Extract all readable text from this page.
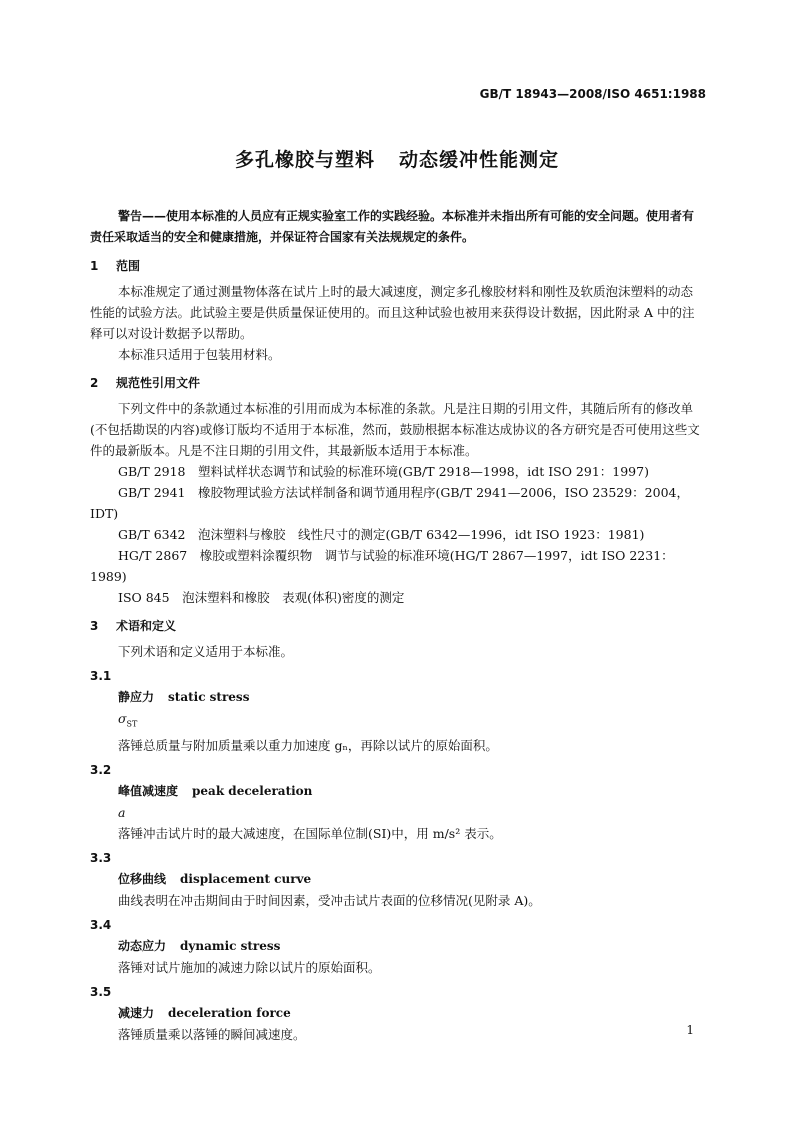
GB/T 18943—2008/ISO 4651:1988
多孔橡胶与塑料 动态缓冲性能测定

警告——使用本标准的人员应有正规实验室工作的实践经验。本标准并未指出所有可能的安全问题。使用者有责任采取适当的安全和健康措施，并保证符合国家有关法规规定的条件。

1 范围

本标准规定了通过测量物体落在试片上时的最大减速度，测定多孔橡胶材料和刚性及软质泡沫塑料的动态性能的试验方法。此试验主要是供质量保证使用的。而且这种试验也被用来获得设计数据，因此附录 A 中的注释可以对设计数据予以帮助。

本标准只适用于包装用材料。

2 规范性引用文件

下列文件中的条款通过本标准的引用而成为本标准的条款。凡是注日期的引用文件，其随后所有的修改单(不包括勘误的内容)或修订版均不适用于本标准，然而，鼓励根据本标准达成协议的各方研究是否可使用这些文件的最新版本。凡是不注日期的引用文件，其最新版本适用于本标准。

GB/T 2918　塑料试样状态调节和试验的标准环境(GB/T 2918—1998，idt ISO 291：1997)

GB/T 2941　橡胶物理试验方法试样制备和调节通用程序(GB/T 2941—2006，ISO 23529：2004，IDT)

GB/T 6342　泡沫塑料与橡胶　线性尺寸的测定(GB/T 6342—1996，idt ISO 1923：1981)

HG/T 2867　橡胶或塑料涂覆织物　调节与试验的标准环境(HG/T 2867—1997，idt ISO 2231：1989)

ISO 845　泡沫塑料和橡胶　表观(体积)密度的测定

3 术语和定义

下列术语和定义适用于本标准。

3.1
静应力 static stress
$\sigma_{ST}$
落锤总质量与附加质量乘以重力加速度 gₙ，再除以试片的原始面积。
3.2
峰值减速度 peak deceleration
a
落锤冲击试片时的最大减速度，在国际单位制(SI)中，用 m/s² 表示。
3.3
位移曲线 displacement curve
曲线表明在冲击期间由于时间因素，受冲击试片表面的位移情况(见附录 A)。
3.4
动态应力 dynamic stress
落锤对试片施加的减速力除以试片的原始面积。
3.5
减速力 deceleration force
落锤质量乘以落锤的瞬间减速度。	1
